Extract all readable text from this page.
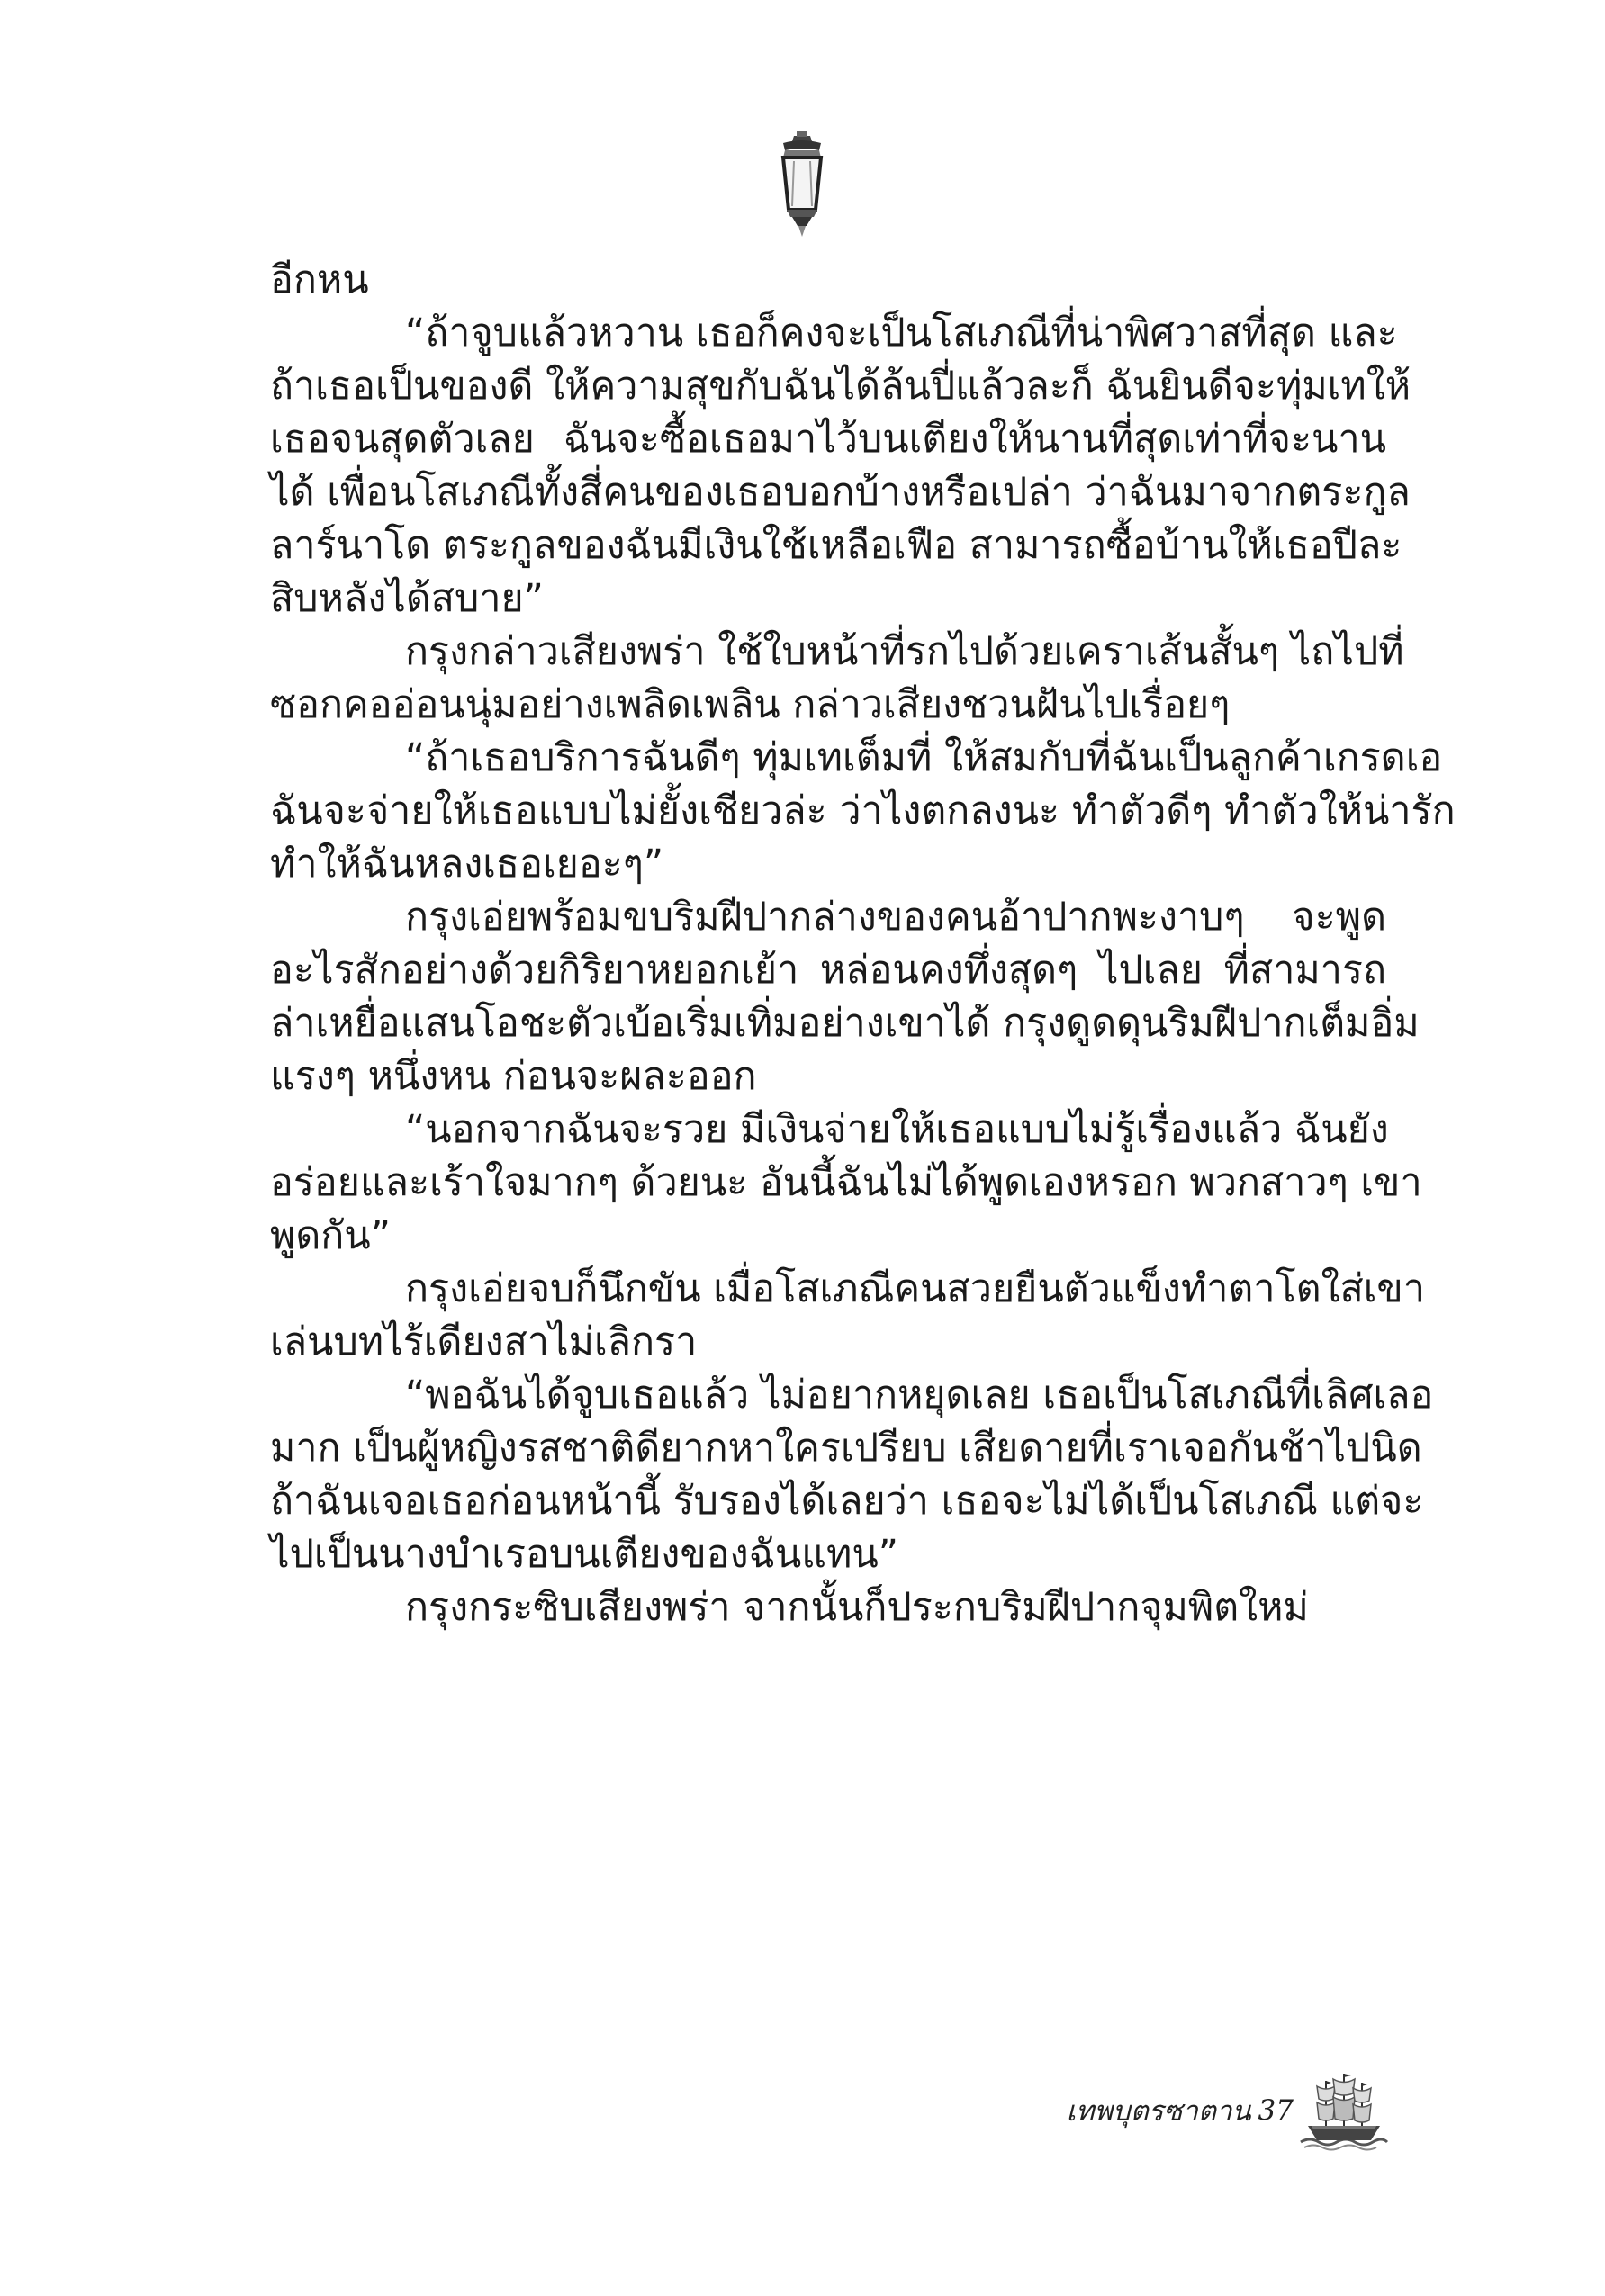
อีกหน
“ถ้าจูบแล้วหวาน เธอก็คงจะเป็นโสเภณีที่น่าพิศวาสที่สุด และ
ถ้าเธอเป็นของดี ให้ความสุขกับฉันได้ล้นปี่แล้วละก็ ฉันยินดีจะทุ่มเทให้
เธอจนสุดตัวเลย ฉันจะซื้อเธอมาไว้บนเตียงให้นานที่สุดเท่าที่จะนาน
ได้ เพื่อนโสเภณีทั้งสี่คนของเธอบอกบ้างหรือเปล่า ว่าฉันมาจากตระกูล
ลาร์นาโด ตระกูลของฉันมีเงินใช้เหลือเฟือ สามารถซื้อบ้านให้เธอปีละ
สิบหลังได้สบาย”
กรุงกล่าวเสียงพร่า ใช้ใบหน้าที่รกไปด้วยเคราเส้นสั้นๆ ไถไปที่
ซอกคออ่อนนุ่มอย่างเพลิดเพลิน กล่าวเสียงชวนฝันไปเรื่อยๆ
“ถ้าเธอบริการฉันดีๆ ทุ่มเทเต็มที่ ให้สมกับที่ฉันเป็นลูกค้าเกรดเอ
ฉันจะจ่ายให้เธอแบบไม่ยั้งเชียวล่ะ ว่าไงตกลงนะ ทำตัวดีๆ ทำตัวให้น่ารัก
ทำให้ฉันหลงเธอเยอะๆ”
กรุงเอ่ยพร้อมขบริมฝีปากล่างของคนอ้าปากพะงาบๆ จะพูด
อะไรสักอย่างด้วยกิริยาหยอกเย้า หล่อนคงทึ่งสุดๆ ไปเลย ที่สามารถ
ล่าเหยื่อแสนโอชะตัวเบ้อเริ่มเทิ่มอย่างเขาได้ กรุงดูดดุนริมฝีปากเต็มอิ่ม
แรงๆ หนึ่งหน ก่อนจะผละออก
“นอกจากฉันจะรวย มีเงินจ่ายให้เธอแบบไม่รู้เรื่องแล้ว ฉันยัง
อร่อยและเร้าใจมากๆ ด้วยนะ อันนี้ฉันไม่ได้พูดเองหรอก พวกสาวๆ เขา
พูดกัน”
กรุงเอ่ยจบก็นึกขัน เมื่อโสเภณีคนสวยยืนตัวแข็งทำตาโตใส่เขา
เล่นบทไร้เดียงสาไม่เลิกรา
“พอฉันได้จูบเธอแล้ว ไม่อยากหยุดเลย เธอเป็นโสเภณีที่เลิศเลอ
มาก เป็นผู้หญิงรสชาติดียากหาใครเปรียบ เสียดายที่เราเจอกันช้าไปนิด
ถ้าฉันเจอเธอก่อนหน้านี้ รับรองได้เลยว่า เธอจะไม่ได้เป็นโสเภณี แต่จะ
ไปเป็นนางบำเรอบนเตียงของฉันแทน”
กรุงกระซิบเสียงพร่า จากนั้นก็ประกบริมฝีปากจุมพิตใหม่
เทพบุตรซาตาน 37
